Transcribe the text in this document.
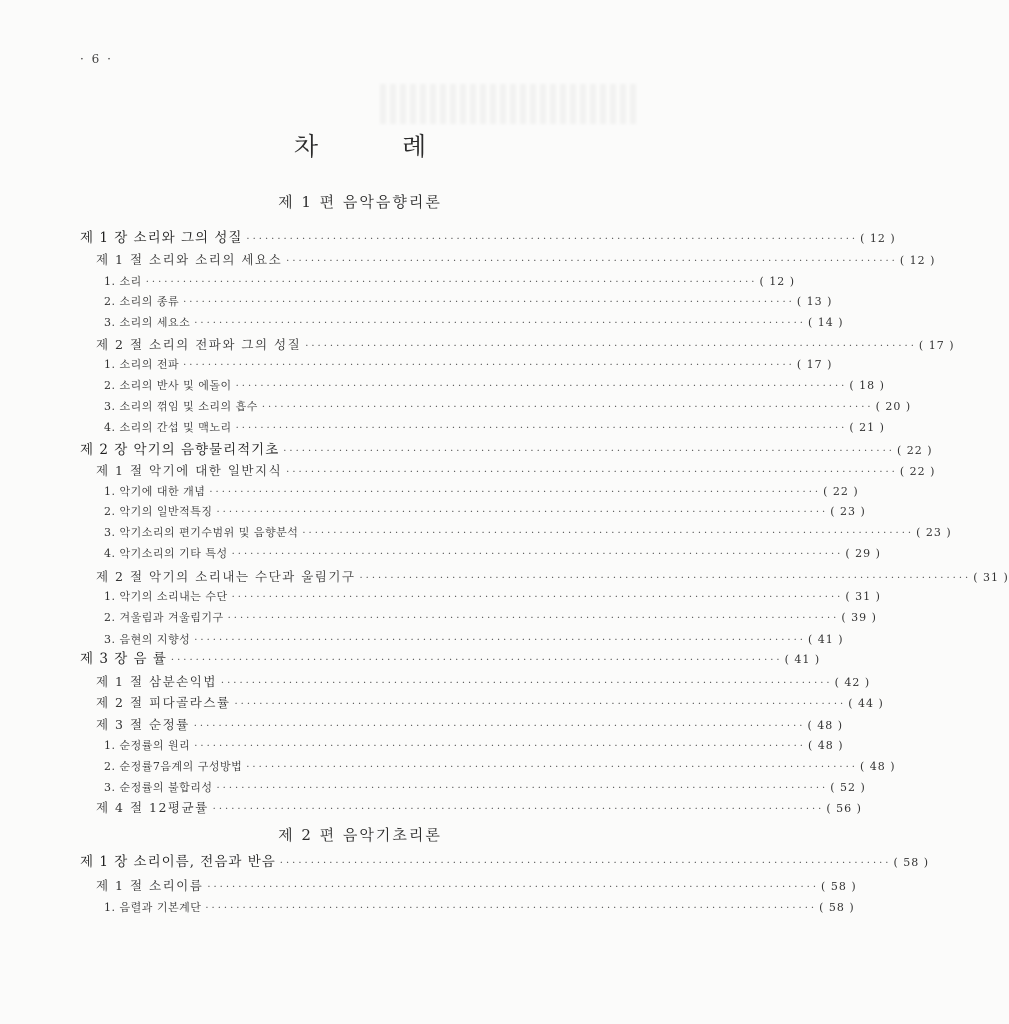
· 6 ·
차 례
제 1 편 음악음향리론
제 2 편 음악기초리론
제 1 장 소리와 그의 성질 ··································································································· ( 12 )
제 1 절 소리와 소리의 세요소 ··································································································· ( 12 )
1. 소리 ··································································································· ( 12 )
2. 소리의 종류 ··································································································· ( 13 )
3. 소리의 세요소 ··································································································· ( 14 )
제 2 절 소리의 전파와 그의 성질 ··································································································· ( 17 )
1. 소리의 전파 ··································································································· ( 17 )
2. 소리의 반사 및 에돌이 ··································································································· ( 18 )
3. 소리의 꺾임 및 소리의 흡수 ··································································································· ( 20 )
4. 소리의 간섭 및 맥노리 ··································································································· ( 21 )
제 2 장 악기의 음향물리적기초 ··································································································· ( 22 )
제 1 절 악기에 대한 일반지식 ··································································································· ( 22 )
1. 악기에 대한 개념 ··································································································· ( 22 )
2. 악기의 일반적특징 ··································································································· ( 23 )
3. 악기소리의 편기수범위 및 음향분석 ··································································································· ( 23 )
4. 악기소리의 기타 특성 ··································································································· ( 29 )
제 2 절 악기의 소리내는 수단과 울림기구 ··································································································· ( 31 )
1. 악기의 소리내는 수단 ··································································································· ( 31 )
2. 겨울림과 겨울림기구 ··································································································· ( 39 )
3. 음현의 지향성 ··································································································· ( 41 )
제 3 장 음 률 ··································································································· ( 41 )
제 1 절 삼분손익법 ··································································································· ( 42 )
제 2 절 피다골라스률 ··································································································· ( 44 )
제 3 절 순정률 ··································································································· ( 48 )
1. 순정률의 원리 ··································································································· ( 48 )
2. 순정률7음계의 구성방법 ··································································································· ( 48 )
3. 순정률의 불합리성 ··································································································· ( 52 )
제 4 절 12평균률 ··································································································· ( 56 )
제 1 장 소리이름, 전음과 반음 ··································································································· ( 58 )
제 1 절 소리이름 ··································································································· ( 58 )
1. 음렬과 기본계단 ··································································································· ( 58 )
